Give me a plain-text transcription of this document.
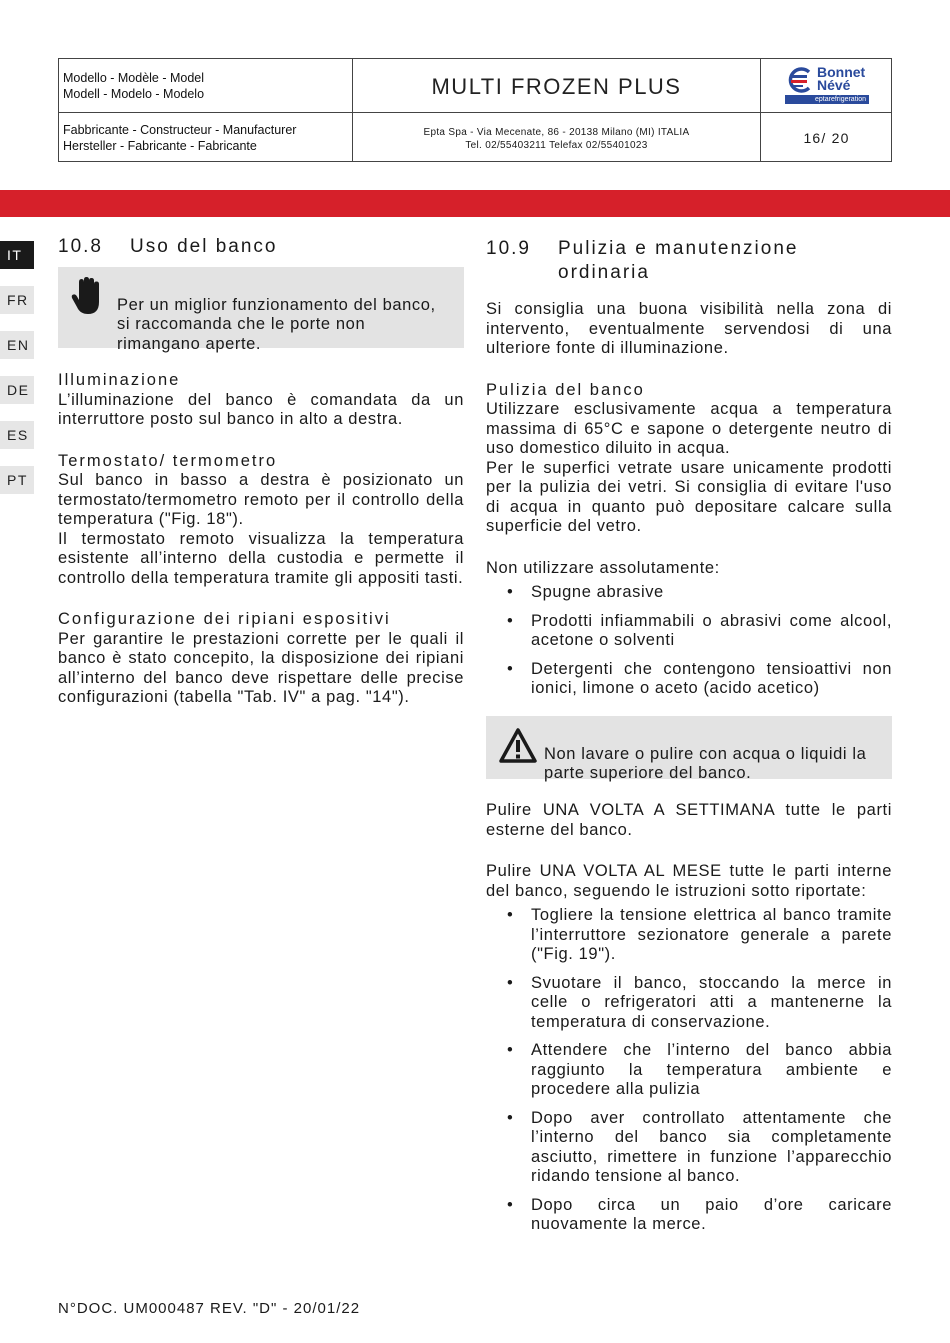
Modello - Modèle - Model
Modell - Modelo - Modelo	MULTI FROZEN PLUS
Fabbricante - Constructeur - Manufacturer
Hersteller - Fabricante - Fabricante
Epta Spa - Via Mecenate, 86 - 20138 Milano (MI) ITALIA
Tel. 02/55403211 Telefax 02/55401023	16/ 20
Bonnet
Névé
eptarefrigeration
IT
FR
EN
DE
ES
PT
10.8 Uso del banco

Per un miglior funzionamento del banco, si raccomanda che le porte non rimangano aperte.

Illuminazione

L’illuminazione del banco è comandata da un interruttore posto sul banco in alto a destra.

Termostato/ termometro

Sul banco in basso a destra è posizionato un termostato/termometro remoto per il controllo della temperatura ("Fig. 18").

Il termostato remoto visualizza la temperatura esistente all’interno della custodia e permette il controllo della temperatura tramite gli appositi tasti.

Configurazione dei ripiani espositivi

Per garantire le prestazioni corrette per le quali il banco è stato concepito, la disposizione dei ripiani all’interno del banco deve rispettare delle precise configurazioni (tabella "Tab. IV" a pag. "14").

10.9 Pulizia e manutenzione
ordinaria

Si consiglia una buona visibilità nella zona di intervento, eventualmente servendosi di una ulteriore fonte di illuminazione.

Pulizia del banco

Utilizzare esclusivamente acqua a temperatura massima di 65°C e sapone o detergente neutro di uso domestico diluito in acqua.

Per le superfici vetrate usare unicamente prodotti per la pulizia dei vetri. Si consiglia di evitare l'uso di acqua in quanto può depositare calcare sulla superficie del vetro.

Non utilizzare assolutamente:

• Spugne abrasive
• Prodotti infiammabili o abrasivi come alcool, acetone o solventi
• Detergenti che contengono tensioattivi non ionici, limone o aceto (acido acetico)

Non lavare o pulire con acqua o liquidi la parte superiore del banco.

Pulire UNA VOLTA A SETTIMANA tutte le parti esterne del banco.

Pulire UNA VOLTA AL MESE tutte le parti interne del banco, seguendo le istruzioni sotto riportate:

• Togliere la tensione elettrica al banco tramite l’interruttore sezionatore generale a parete ("Fig. 19").
• Svuotare il banco, stoccando la merce in celle o refrigeratori atti a mantenerne la temperatura di conservazione.
• Attendere che l’interno del banco abbia raggiunto la temperatura ambiente e procedere alla pulizia
• Dopo aver controllato attentamente che l’interno del banco sia completamente asciutto, rimettere in funzione l’apparecchio ridando tensione al banco.
• Dopo circa un paio d’ore caricare nuovamente la merce.
N°DOC. UM000487 REV. "D" - 20/01/22
